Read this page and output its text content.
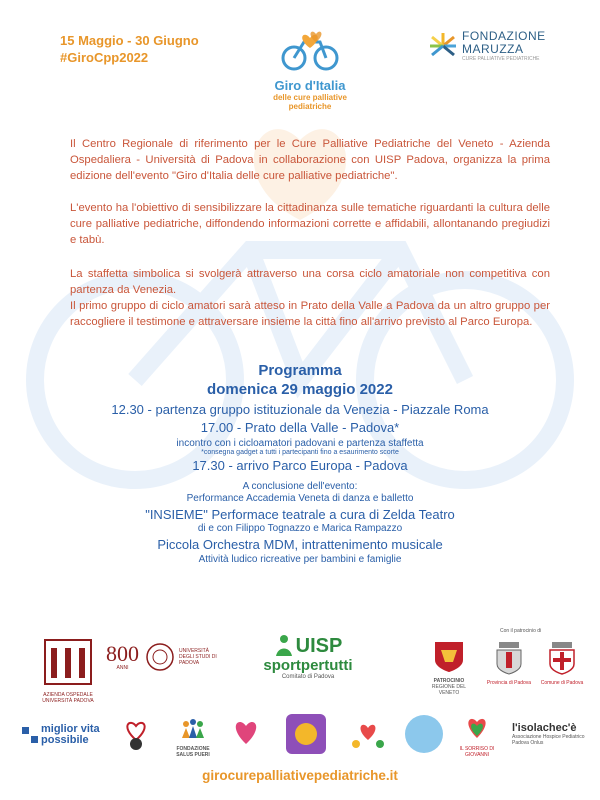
15 Maggio - 30 Giugno
#GiroCpp2022
Giro d'Italia
delle cure palliative
pediatriche
FONDAZIONE
MARUZZA
CURE PALLIATIVE PEDIATRICHE
Il Centro Regionale di riferimento per le Cure Palliative Pediatriche del Veneto - Azienda Ospedaliera - Università di Padova in collaborazione con UISP Padova, organizza la prima edizione dell'evento "Giro d'Italia delle cure palliative pediatriche".
L'evento ha l'obiettivo di sensibilizzare la cittadinanza sulle tematiche riguardanti la cultura delle cure palliative pediatriche, diffondendo informazioni corrette e affidabili, allontanando pregiudizi e tabù.
La staffetta simbolica si svolgerà attraverso una corsa ciclo amatoriale non competitiva con partenza da Venezia.
Il primo gruppo di ciclo amatori sarà atteso in Prato della Valle a Padova da un altro gruppo per raccogliere il testimone e attraversare insieme la città fino all'arrivo previsto al Parco Europa.
Programma
domenica 29 maggio 2022
12.30 - partenza gruppo istituzionale da Venezia - Piazzale Roma
17.00 - Prato della Valle - Padova*
incontro con i cicloamatori padovani e partenza staffetta
*consegna gadget a tutti i partecipanti fino a esaurimento scorte
17.30 - arrivo Parco Europa - Padova
A conclusione dell'evento:
Performance Accademia Veneta di danza e balletto
"INSIEME" Performace teatrale a cura di Zelda Teatro
di e con Filippo Tognazzo e Marica Rampazzo
Piccola Orchestra MDM, intrattenimento musicale
Attività ludico ricreative per bambini e famiglie
AZIENDA OSPEDALE UNIVERSITÀ PADOVA
800
ANNI
UNIVERSITÀ DEGLI STUDI DI PADOVA
UISP
sportpertutti
Comitato di Padova
Con il patrocinio di
PATROCINIO
REGIONE DEL VENETO
Provincia di Padova	Comune di Padova
miglior vita
possibile
FONDAZIONE
SALUS PUERI
IL SORRISO DI
GIOVANNI
l'isolachec'è
Associazione Hospice Pediatrico Padova Onlus
girocurepalliativepediatriche.it
